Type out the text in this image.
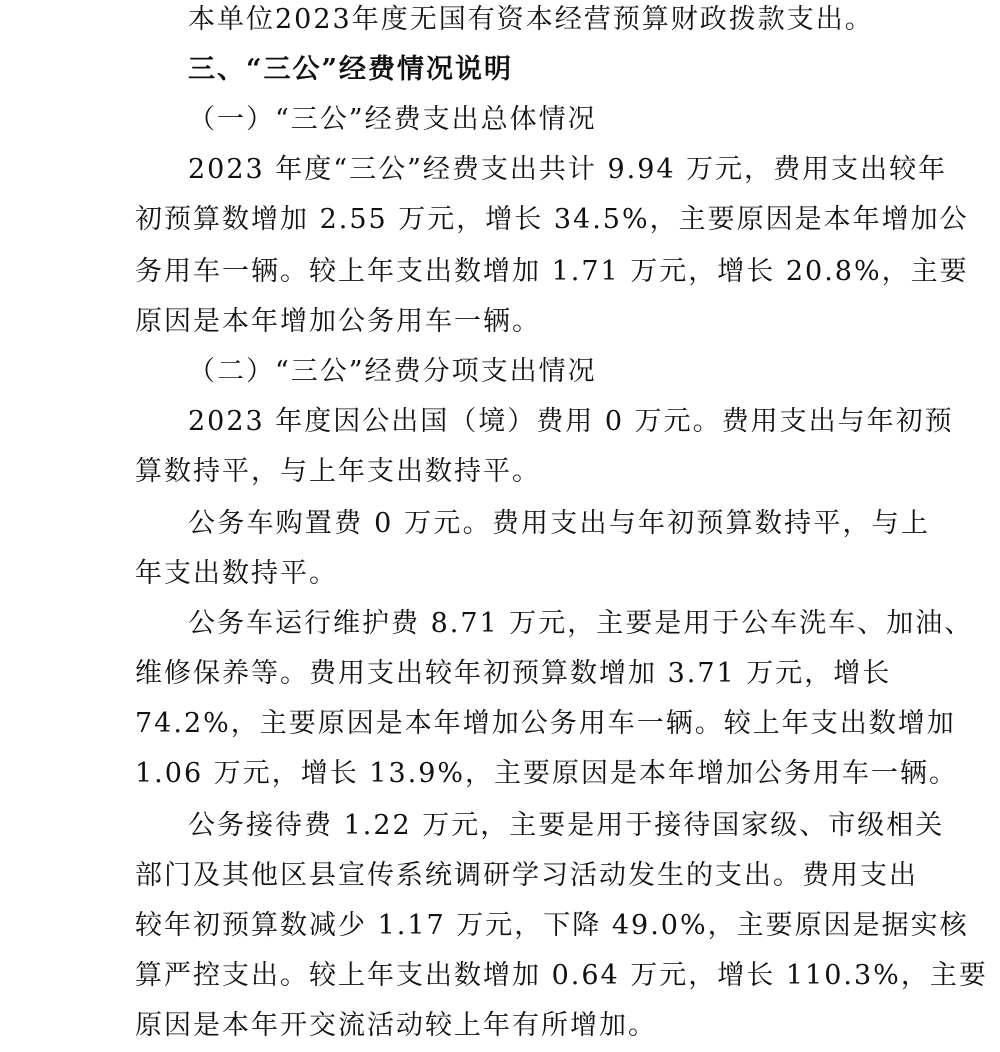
本单位2023年度无国有资本经营预算财政拨款支出。
三、“三公”经费情况说明
（一）“三公”经费支出总体情况
2023 年度“三公”经费支出共计 9.94 万元，费用支出较年
初预算数增加 2.55 万元，增长 34.5%，主要原因是本年增加公
务用车一辆。较上年支出数增加 1.71 万元，增长 20.8%，主要
原因是本年增加公务用车一辆。
（二）“三公”经费分项支出情况
2023 年度因公出国（境）费用 0 万元。费用支出与年初预
算数持平，与上年支出数持平。
公务车购置费 0 万元。费用支出与年初预算数持平，与上
年支出数持平。
公务车运行维护费 8.71 万元，主要是用于公车洗车、加油、
维修保养等。费用支出较年初预算数增加 3.71 万元，增长
74.2%，主要原因是本年增加公务用车一辆。较上年支出数增加
1.06 万元，增长 13.9%，主要原因是本年增加公务用车一辆。
公务接待费 1.22 万元，主要是用于接待国家级、市级相关
部门及其他区县宣传系统调研学习活动发生的支出。费用支出
较年初预算数减少 1.17 万元，下降 49.0%，主要原因是据实核
算严控支出。较上年支出数增加 0.64 万元，增长 110.3%，主要
原因是本年开交流活动较上年有所增加。
